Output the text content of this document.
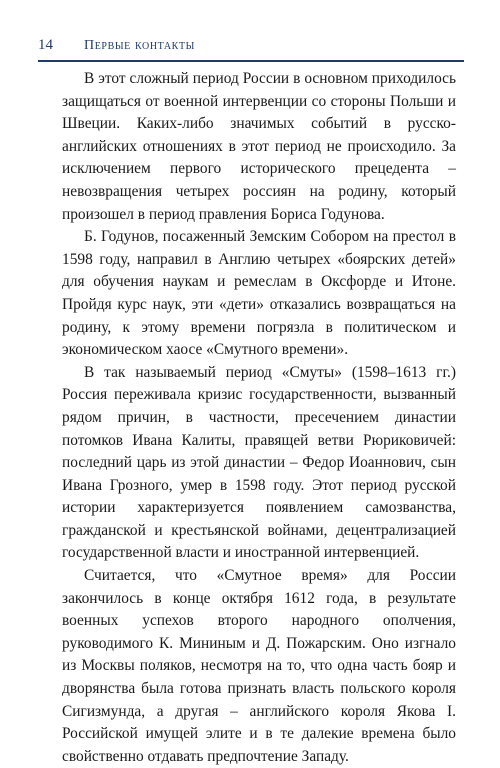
14	Первые контакты

В этот сложный период России в основном приходилось защищаться от военной интервенции со стороны Польши и Швеции. Каких-либо значимых событий в русско-английских отношениях в этот период не происходило. За исключением первого исторического прецедента – невозвращения четырех россиян на родину, который произошел в период правления Бориса Годунова.

Б. Годунов, посаженный Земским Собором на престол в 1598 году, направил в Англию четырех «боярских детей» для обучения наукам и ремеслам в Оксфорде и Итоне. Пройдя курс наук, эти «дети» отказались возвращаться на родину, к этому времени погрязла в политическом и экономическом хаосе «Смутного времени».

В так называемый период «Смуты» (1598–1613 гг.) Россия переживала кризис государственности, вызванный рядом причин, в частности, пресечением династии потомков Ивана Калиты, правящей ветви Рюриковичей: последний царь из этой династии – Федор Иоаннович, сын Ивана Грозного, умер в 1598 году. Этот период русской истории характеризуется появлением самозванства, гражданской и крестьянской войнами, децентрализацией государственной власти и иностранной интервенцией.

Считается, что «Смутное время» для России закончилось в конце октября 1612 года, в результате военных успехов второго народного ополчения, руководимого К. Мининым и Д. Пожарским. Оно изгнало из Москвы поляков, несмотря на то, что одна часть бояр и дворянства была готова признать власть польского короля Сигизмунда, а другая – английского короля Якова I. Российской имущей элите и в те далекие времена было свойственно отдавать предпочтение Западу.
